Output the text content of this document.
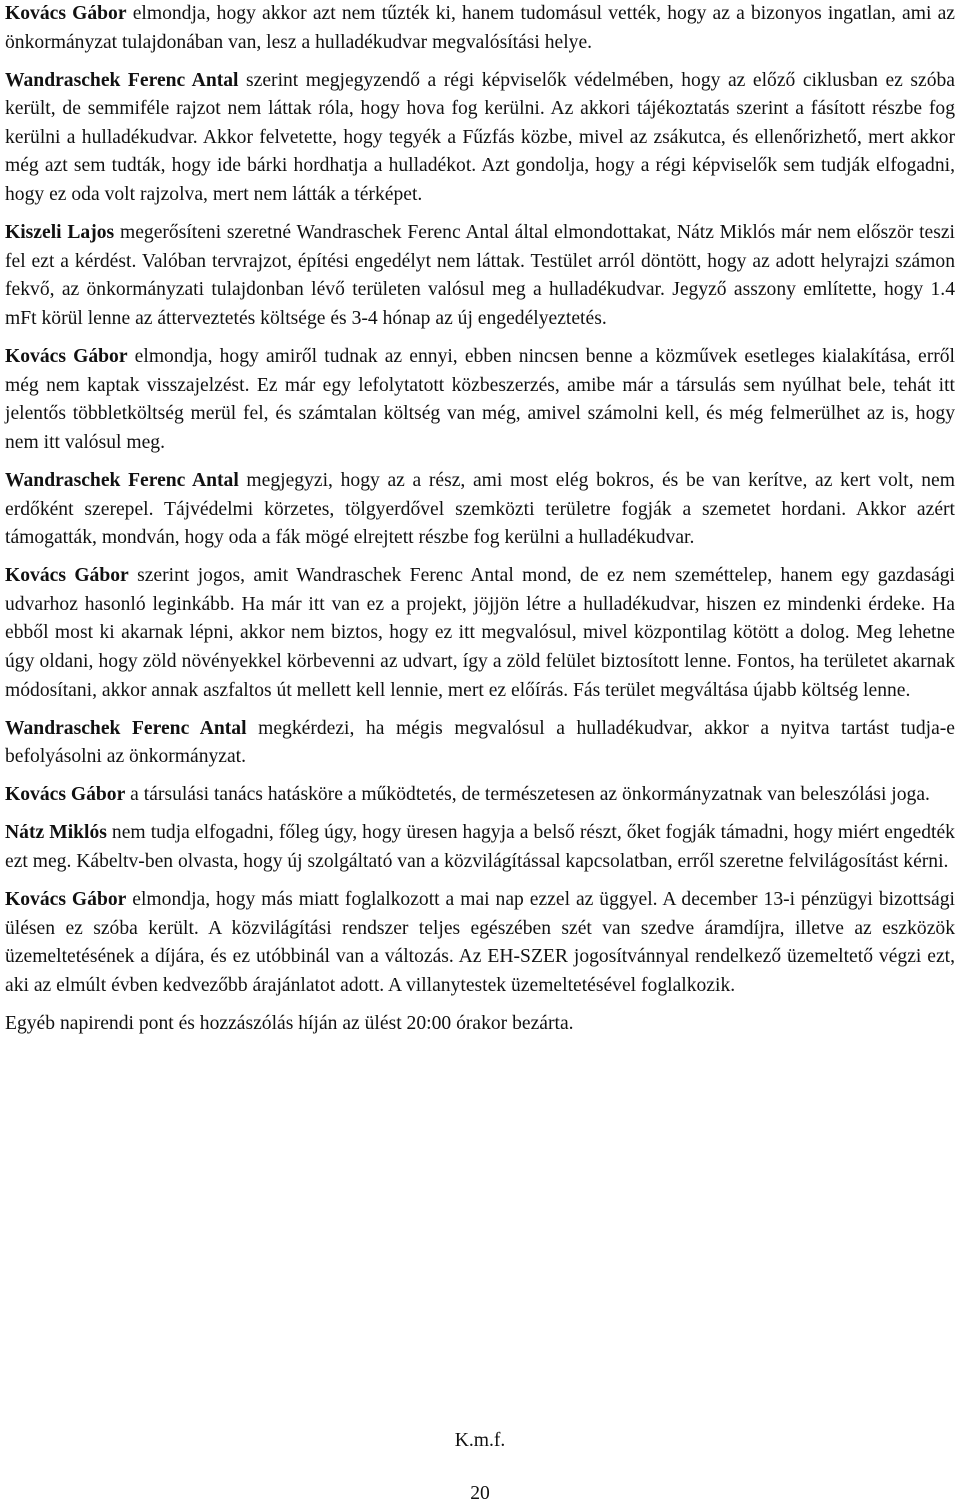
Kovács Gábor elmondja, hogy akkor azt nem tűzték ki, hanem tudomásul vették, hogy az a bizonyos ingatlan, ami az önkormányzat tulajdonában van, lesz a hulladékudvar megvalósítási helye.

Wandraschek Ferenc Antal szerint megjegyzendő a régi képviselők védelmében, hogy az előző ciklusban ez szóba került, de semmiféle rajzot nem láttak róla, hogy hova fog kerülni. Az akkori tájékoztatás szerint a fásított részbe fog kerülni a hulladékudvar. Akkor felvetette, hogy tegyék a Fűzfás közbe, mivel az zsákutca, és ellenőrizhető, mert akkor még azt sem tudták, hogy ide bárki hordhatja a hulladékot. Azt gondolja, hogy a régi képviselők sem tudják elfogadni, hogy ez oda volt rajzolva, mert nem látták a térképet.

Kiszeli Lajos megerősíteni szeretné Wandraschek Ferenc Antal által elmondottakat, Nátz Miklós már nem először teszi fel ezt a kérdést. Valóban tervrajzot, építési engedélyt nem láttak. Testület arról döntött, hogy az adott helyrajzi számon fekvő, az önkormányzati tulajdonban lévő területen valósul meg a hulladékudvar. Jegyző asszony említette, hogy 1.4 mFt körül lenne az átterveztetés költsége és 3-4 hónap az új engedélyeztetés.

Kovács Gábor elmondja, hogy amiről tudnak az ennyi, ebben nincsen benne a közművek esetleges kialakítása, erről még nem kaptak visszajelzést. Ez már egy lefolytatott közbeszerzés, amibe már a társulás sem nyúlhat bele, tehát itt jelentős többletköltség merül fel, és számtalan költség van még, amivel számolni kell, és még felmerülhet az is, hogy nem itt valósul meg.

Wandraschek Ferenc Antal megjegyzi, hogy az a rész, ami most elég bokros, és be van kerítve, az kert volt, nem erdőként szerepel. Tájvédelmi körzetes, tölgyerdővel szemközti területre fogják a szemetet hordani. Akkor azért támogatták, mondván, hogy oda a fák mögé elrejtett részbe fog kerülni a hulladékudvar.

Kovács Gábor szerint jogos, amit Wandraschek Ferenc Antal mond, de ez nem szeméttelep, hanem egy gazdasági udvarhoz hasonló leginkább. Ha már itt van ez a projekt, jöjjön létre a hulladékudvar, hiszen ez mindenki érdeke. Ha ebből most ki akarnak lépni, akkor nem biztos, hogy ez itt megvalósul, mivel központilag kötött a dolog. Meg lehetne úgy oldani, hogy zöld növényekkel körbevenni az udvart, így a zöld felület biztosított lenne. Fontos, ha területet akarnak módosítani, akkor annak aszfaltos út mellett kell lennie, mert ez előírás. Fás terület megváltása újabb költség lenne.

Wandraschek Ferenc Antal megkérdezi, ha mégis megvalósul a hulladékudvar, akkor a nyitva tartást tudja-e befolyásolni az önkormányzat.

Kovács Gábor a társulási tanács hatásköre a működtetés, de természetesen az önkormányzatnak van beleszólási joga.

Nátz Miklós nem tudja elfogadni, főleg úgy, hogy üresen hagyja a belső részt, őket fogják támadni, hogy miért engedték ezt meg. Kábeltv-ben olvasta, hogy új szolgáltató van a közvilágítással kapcsolatban, erről szeretne felvilágosítást kérni.

Kovács Gábor elmondja, hogy más miatt foglalkozott a mai nap ezzel az üggyel. A december 13-i pénzügyi bizottsági ülésen ez szóba került. A közvilágítási rendszer teljes egészében szét van szedve áramdíjra, illetve az eszközök üzemeltetésének a díjára, és ez utóbbinál van a változás. Az EH-SZER jogosítvánnyal rendelkező üzemeltető végzi ezt, aki az elmúlt évben kedvezőbb árajánlatot adott. A villanytestek üzemeltetésével foglalkozik.

Egyéb napirendi pont és hozzászólás híján az ülést 20:00 órakor bezárta.

K.m.f.
20
